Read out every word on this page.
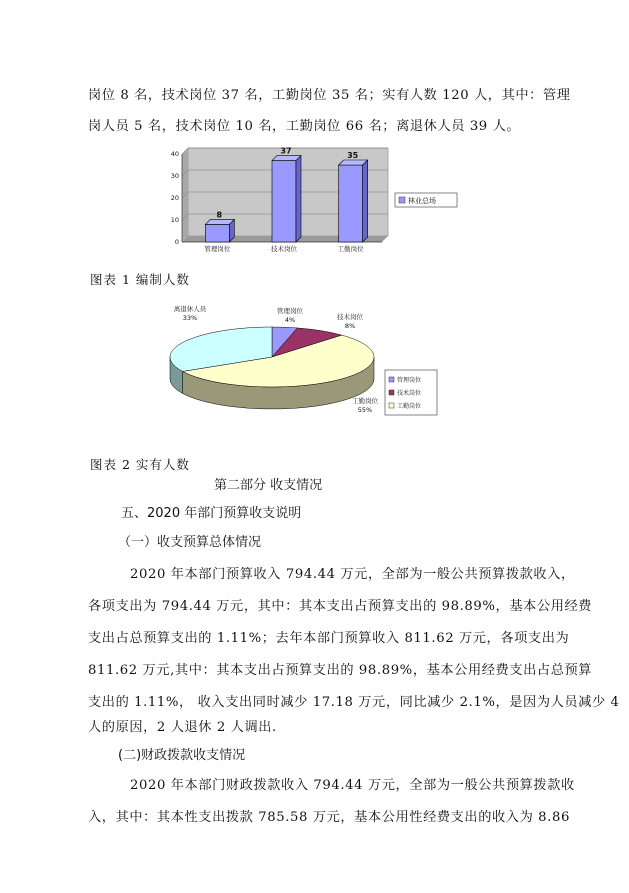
岗位 8 名，技术岗位 37 名，工勤岗位 35 名；实有人数 120 人，其中：管理
岗人员 5 名，技术岗位 10 名，工勤岗位 66 名；离退休人员 39 人。
0
10
20
30
40
8
37	35
管理岗位	技术岗位	工勤岗位
林业总场
图表 1 编制人数
管理岗位
4%	技术岗位
8%
工勤岗位
55%
离退休人员
33%
管理岗位
技术岗位
工勤岗位
图表 2 实有人数
第二部分 收支情况
五、2020 年部门预算收支说明
（一）收支预算总体情况
2020 年本部门预算收入 794.44 万元，全部为一般公共预算拨款收入，
各项支出为 794.44 万元，其中：其本支出占预算支出的 98.89%，基本公用经费
支出占总预算支出的 1.11%；去年本部门预算收入 811.62 万元，各项支出为
811.62 万元,其中：其本支出占预算支出的 98.89%，基本公用经费支出占总预算
支出的 1.11%， 收入支出同时减少 17.18 万元，同比减少 2.1%，是因为人员减少 4
人的原因，2 人退休 2 人调出.
(二)财政拨款收支情况
2020 年本部门财政拨款收入 794.44 万元，全部为一般公共预算拨款收
入，其中：其本性支出拨款 785.58 万元，基本公用性经费支出的收入为 8.86
